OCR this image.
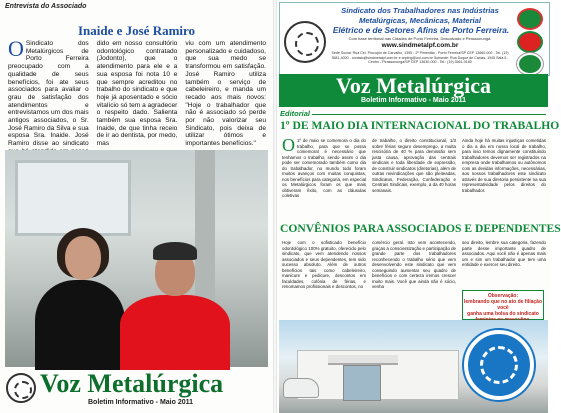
Entrevista do Associado
Inaide e José Ramiro
O Sindicato dos Metalúrgicos de Porto Ferreira preocupado com a qualidade de seus benefícios, foi ate seus associados para avaliar o grau de satisfação dos atendimentos e entrevistamos um dos mais antigos associados, o Sr. José Ramiro da Silva e sua esposa Sra. Inaide. José Ramiro disse ao sindicato
dido em nosso consultório odontológico contratado (Jodonto), que o atendimento para ele e a sua esposa foi nota 10 e que sempre acreditou no trabalho do sindicato e que hoje já aposentado e sócio vitalício só tem a agradecer o respeito dado. Salienta também sua esposa Sra. Inaide, de que tinha receio de ir ao dentista, por medo, mas
viu com um atendimento personalizado e cuidadoso, que sua medo se transformou em satisfação. José Ramiro utiliza também o serviço de cabeleireiro, e manda um recado aos mais novos: "Hoje o trabalhador que não é associado só perde por não valorizar seu Sindicato, pois deixa de utilizar ótimos e importantes benefícios."
Voz Metalúrgica
Boletim Informativo - Maio 2011
Sindicato dos Trabalhadores nas Indústrias
Metalúrgicas, Mecânicas, Material
Elétrico e de Setores Afins de Porto Ferreira.
Com base territorial nas Cidades de Porto Ferreira, Descalvado e Pirassununga.
www.sindmetalpf.com.br
Sede Social: Rua Cel. Procópio de Carvalho, 1395 - 2º Pimentão - Porto Ferreira/SP CEP 13660-000 - Tel. (19) 3581-4000 - contato@sindmetalpf.com.br e cnpfng@uol.com.br Subsede: Rua Duque de Caxias, 1945 Sala 5 - Centro - Pirassununga/SP CEP 13630-000 - Tel.: (19) 3561-0180
Voz Metalúrgica
Boletim Informativo - Maio 2011
Editorial
1º DE MAIO DIA INTERNACIONAL DO TRABALHO
O 1º de maio se comemora o dia do trabalho, para que se possa comemorar é necessário que tenhamos o trabalho, sendo assim o dia pode ser comemorado também como dia do trabalhador, no mundo todo foram muitos avanços com muitas conquistas, nos benefícios para categoria, em especial os Metalúrgicos foram os que mais obtiveram êxito, com as cláusulas coletivas
de trabalho, o direito constitucional, 1/3 sobre férias seguro desemprego, a multa rescisória de 40 % para demissão sem justa causa, aprovação das centrais sindicais e toda liberdade de expressão, de construir sindicatos (diretorias), além de outras reivindicações que são pleiteadas, Sindicatos, Federação, Confederação e Centrais Sindicais, exemplo, a da 40 horas semanais.
Ainda hoje há muitas injustiças cometidas o dia a dia em nosso local de trabalho, para isso temos dignamente constituindo trabalhadores devemos ser registrados na empresa onde trabalhamos ou autônomos com as devidas informações, necessárias, aos nossos trabalhadores este sindicato através de sua diretoria persistente na sua representatividade pelos direitos do trabalhador.
CONVÊNIOS PARA ASSOCIADOS E DEPENDENTES
Hoje com o sofisticado benefício odontológico 100% gratuito, oferecido pelo sindicato, que vem atendendo nossos associados e seus dependentes, tem sido sucesso absoluto. Além de outros benefícios tais como cabeleireiro, manicure e pedicure, descontos em faculdades, colônia de férias, e renomamos profissionais e descontos, no
comércio geral. Isto vem acontecendo, graças a conscientização e participação de grande parte dos trabalhadores reconhecendo o trabalho sério que vem desenvolvendo este sindicato que vem conseguindo aumentar seu quadro de benefícios e com certeza iremos crescer muito mais. Você que ainda não é sócio, venha
seu direito, lembre sua categoria, fazendo parte desse importante quadro de associados. Aqui você não é apenas mais um e sim um trabalhador que tem uma entidade e exercer seu direito.
Observação:
lembrando que no ato de filiação você
ganha uma bolsa do sindicato
